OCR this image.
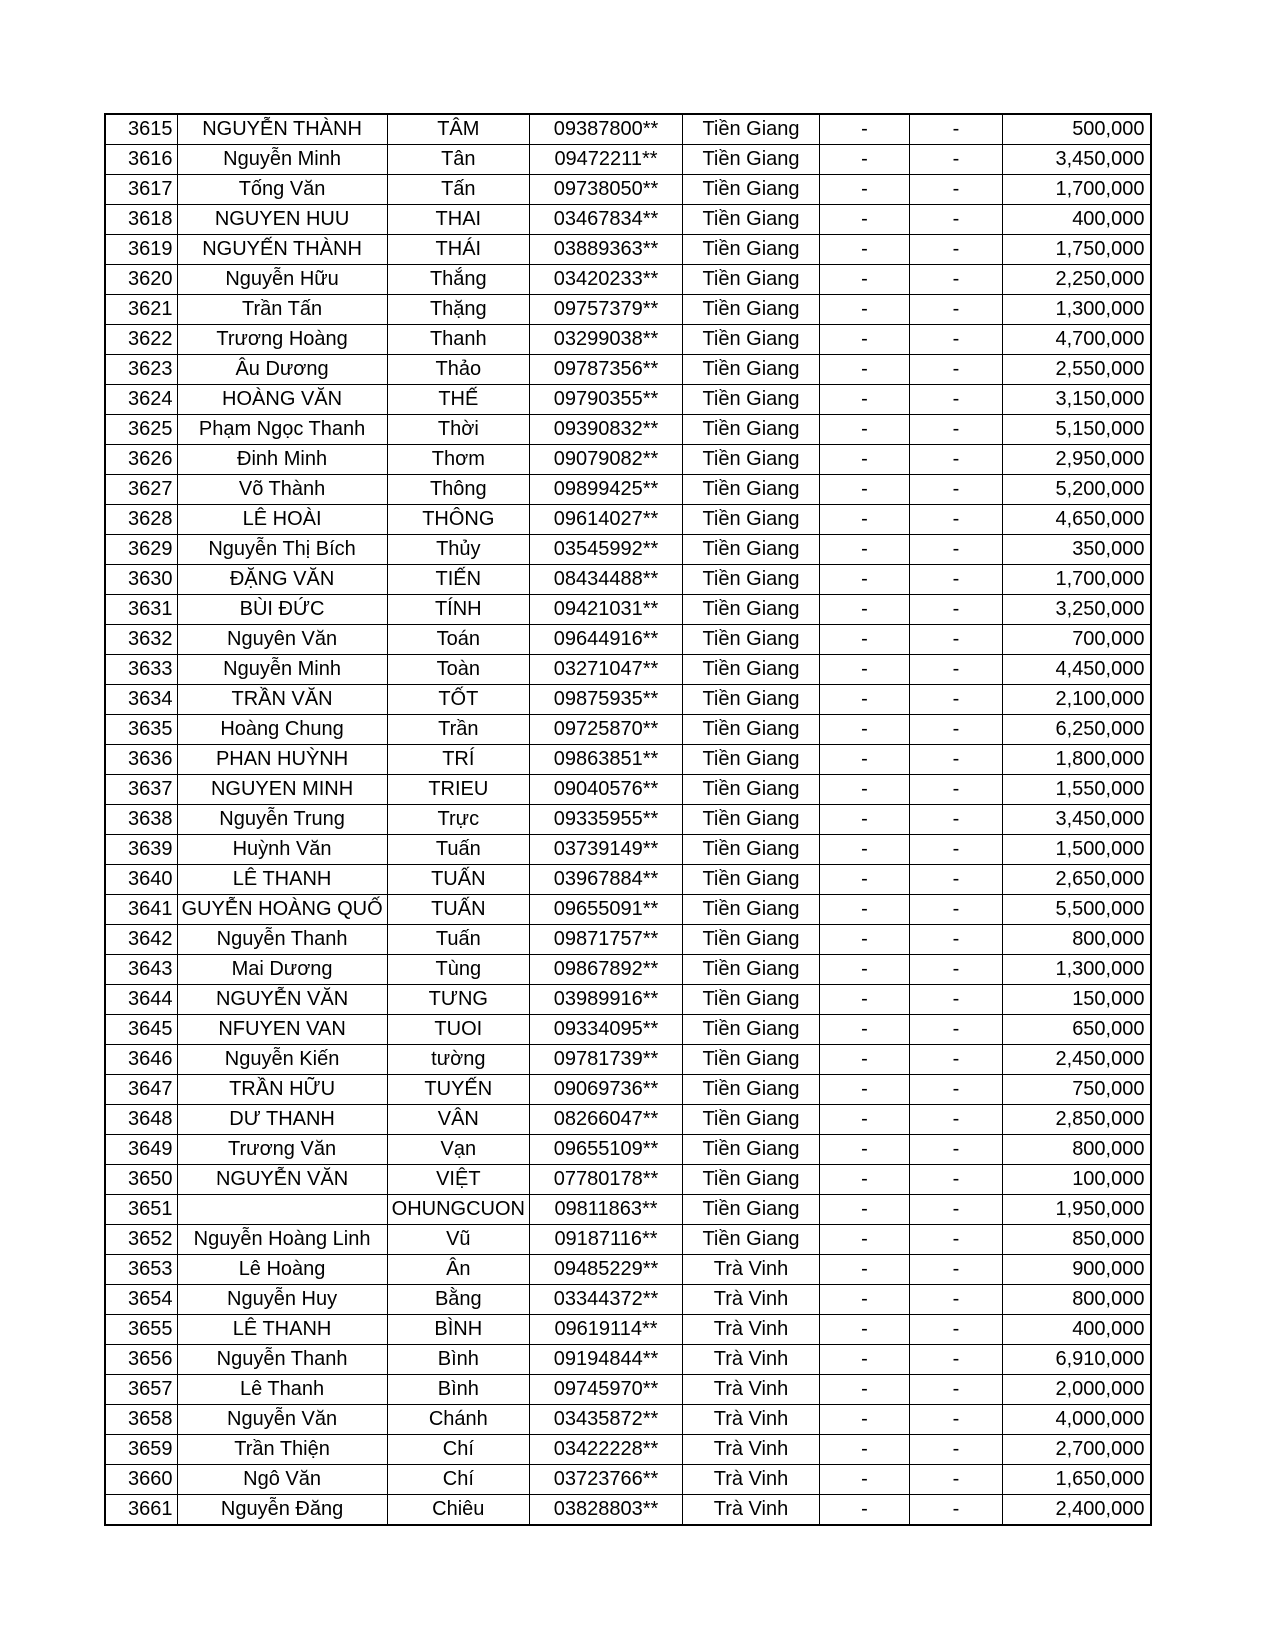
3615	NGUYỄN THÀNH	TÂM	09387800**	Tiền Giang	-	-	500,000
3616	Nguyễn Minh	Tân	09472211**	Tiền Giang	-	-	3,450,000
3617	Tống Văn	Tấn	09738050**	Tiền Giang	-	-	1,700,000
3618	NGUYEN HUU	THAI	03467834**	Tiền Giang	-	-	400,000
3619	NGUYẾN THÀNH	THÁI	03889363**	Tiền Giang	-	-	1,750,000
3620	Nguyễn Hữu	Thắng	03420233**	Tiền Giang	-	-	2,250,000
3621	Trần Tấn	Thặng	09757379**	Tiền Giang	-	-	1,300,000
3622	Trương Hoàng	Thanh	03299038**	Tiền Giang	-	-	4,700,000
3623	Âu Dương	Thảo	09787356**	Tiền Giang	-	-	2,550,000
3624	HOÀNG VĂN	THẾ	09790355**	Tiền Giang	-	-	3,150,000
3625	Phạm Ngọc Thanh	Thời	09390832**	Tiền Giang	-	-	5,150,000
3626	Đinh Minh	Thơm	09079082**	Tiền Giang	-	-	2,950,000
3627	Võ Thành	Thông	09899425**	Tiền Giang	-	-	5,200,000
3628	LÊ HOÀI	THÔNG	09614027**	Tiền Giang	-	-	4,650,000
3629	Nguyễn Thị Bích	Thủy	03545992**	Tiền Giang	-	-	350,000
3630	ĐẶNG VĂN	TIẾN	08434488**	Tiền Giang	-	-	1,700,000
3631	BÙI ĐỨC	TÍNH	09421031**	Tiền Giang	-	-	3,250,000
3632	Nguyên Văn	Toán	09644916**	Tiền Giang	-	-	700,000
3633	Nguyễn Minh	Toàn	03271047**	Tiền Giang	-	-	4,450,000
3634	TRẦN VĂN	TỐT	09875935**	Tiền Giang	-	-	2,100,000
3635	Hoàng Chung	Trần	09725870**	Tiền Giang	-	-	6,250,000
3636	PHAN HUỲNH	TRÍ	09863851**	Tiền Giang	-	-	1,800,000
3637	NGUYEN MINH	TRIEU	09040576**	Tiền Giang	-	-	1,550,000
3638	Nguyễn Trung	Trực	09335955**	Tiền Giang	-	-	3,450,000
3639	Huỳnh Văn	Tuấn	03739149**	Tiền Giang	-	-	1,500,000
3640	LÊ THANH	TUẤN	03967884**	Tiền Giang	-	-	2,650,000
3641	GUYỄN HOÀNG QUỐ	TUẤN	09655091**	Tiền Giang	-	-	5,500,000
3642	Nguyễn Thanh	Tuấn	09871757**	Tiền Giang	-	-	800,000
3643	Mai Dương	Tùng	09867892**	Tiền Giang	-	-	1,300,000
3644	NGUYỄN VĂN	TƯNG	03989916**	Tiền Giang	-	-	150,000
3645	NFUYEN VAN	TUOI	09334095**	Tiền Giang	-	-	650,000
3646	Nguyễn Kiến	tường	09781739**	Tiền Giang	-	-	2,450,000
3647	TRẦN HỮU	TUYẾN	09069736**	Tiền Giang	-	-	750,000
3648	DƯ THANH	VÂN	08266047**	Tiền Giang	-	-	2,850,000
3649	Trương Văn	Vạn	09655109**	Tiền Giang	-	-	800,000
3650	NGUYỄN VĂN	VIỆT	07780178**	Tiền Giang	-	-	100,000
3651		OHUNGCUON	09811863**	Tiền Giang	-	-	1,950,000
3652	Nguyễn Hoàng Linh	Vũ	09187116**	Tiền Giang	-	-	850,000
3653	Lê Hoàng	Ân	09485229**	Trà Vinh	-	-	900,000
3654	Nguyễn Huy	Bằng	03344372**	Trà Vinh	-	-	800,000
3655	LÊ THANH	BÌNH	09619114**	Trà Vinh	-	-	400,000
3656	Nguyễn Thanh	Bình	09194844**	Trà Vinh	-	-	6,910,000
3657	Lê Thanh	Bình	09745970**	Trà Vinh	-	-	2,000,000
3658	Nguyễn Văn	Chánh	03435872**	Trà Vinh	-	-	4,000,000
3659	Trần Thiện	Chí	03422228**	Trà Vinh	-	-	2,700,000
3660	Ngô Văn	Chí	03723766**	Trà Vinh	-	-	1,650,000
3661	Nguyễn Đăng	Chiêu	03828803**	Trà Vinh	-	-	2,400,000
